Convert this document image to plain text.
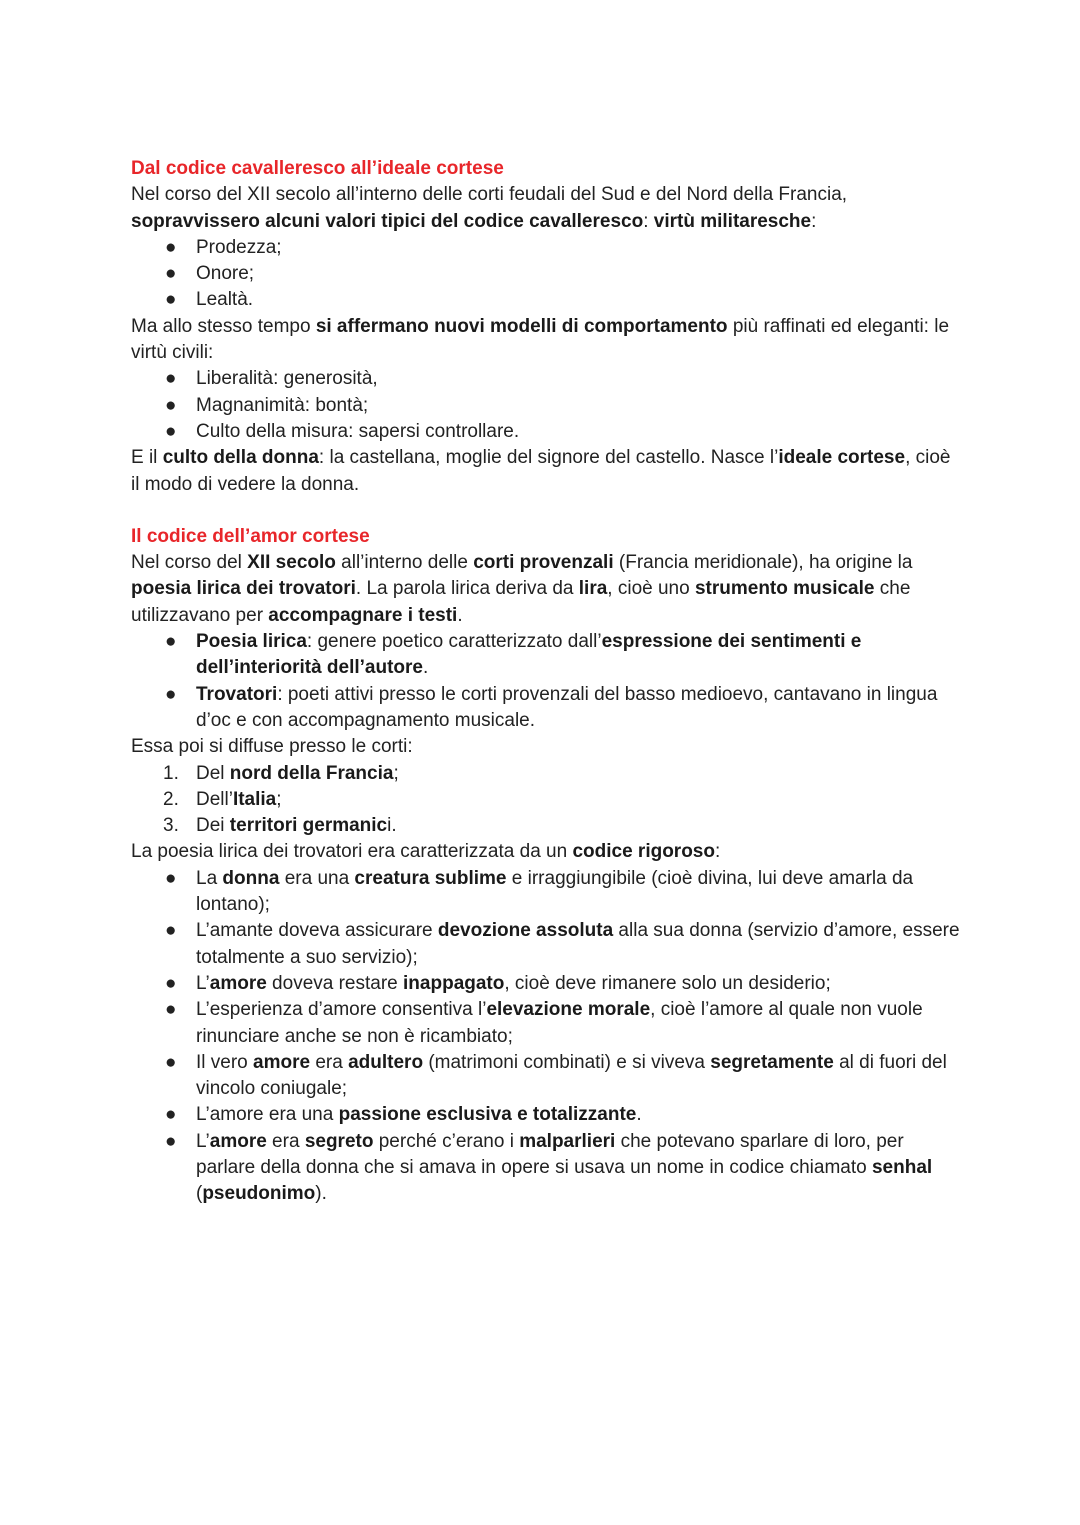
Dal codice cavalleresco all’ideale cortese

Nel corso del XII secolo all’interno delle corti feudali del Sud e del Nord della Francia, sopravvissero alcuni valori tipici del codice cavalleresco: virtù militaresche:

● Prodezza;
● Onore;
● Lealtà.

Ma allo stesso tempo si affermano nuovi modelli di comportamento più raffinati ed eleganti: le virtù civili:

● Liberalità: generosità,
● Magnanimità: bontà;
● Culto della misura: sapersi controllare.

E il culto della donna: la castellana, moglie del signore del castello. Nasce l’ideale cortese, cioè il modo di vedere la donna.

Il codice dell’amor cortese

Nel corso del XII secolo all’interno delle corti provenzali (Francia meridionale), ha origine la poesia lirica dei trovatori. La parola lirica deriva da lira, cioè uno strumento musicale che utilizzavano per accompagnare i testi.

● Poesia lirica: genere poetico caratterizzato dall’espressione dei sentimenti e dell’interiorità dell’autore.
● Trovatori: poeti attivi presso le corti provenzali del basso medioevo, cantavano in lingua d’oc e con accompagnamento musicale.

Essa poi si diffuse presso le corti:

1. Del nord della Francia;
2. Dell’Italia;
3. Dei territori germanici.

La poesia lirica dei trovatori era caratterizzata da un codice rigoroso:

● La donna era una creatura sublime e irraggiungibile (cioè divina, lui deve amarla da lontano);
● L’amante doveva assicurare devozione assoluta alla sua donna (servizio d’amore, essere totalmente a suo servizio);
● L’amore doveva restare inappagato, cioè deve rimanere solo un desiderio;
● L’esperienza d’amore consentiva l’elevazione morale, cioè l’amore al quale non vuole rinunciare anche se non è ricambiato;
● Il vero amore era adultero (matrimoni combinati) e si viveva segretamente al di fuori del vincolo coniugale;
● L’amore era una passione esclusiva e totalizzante.
● L’amore era segreto perché c’erano i malparlieri che potevano sparlare di loro, per parlare della donna che si amava in opere si usava un nome in codice chiamato senhal (pseudonimo).
